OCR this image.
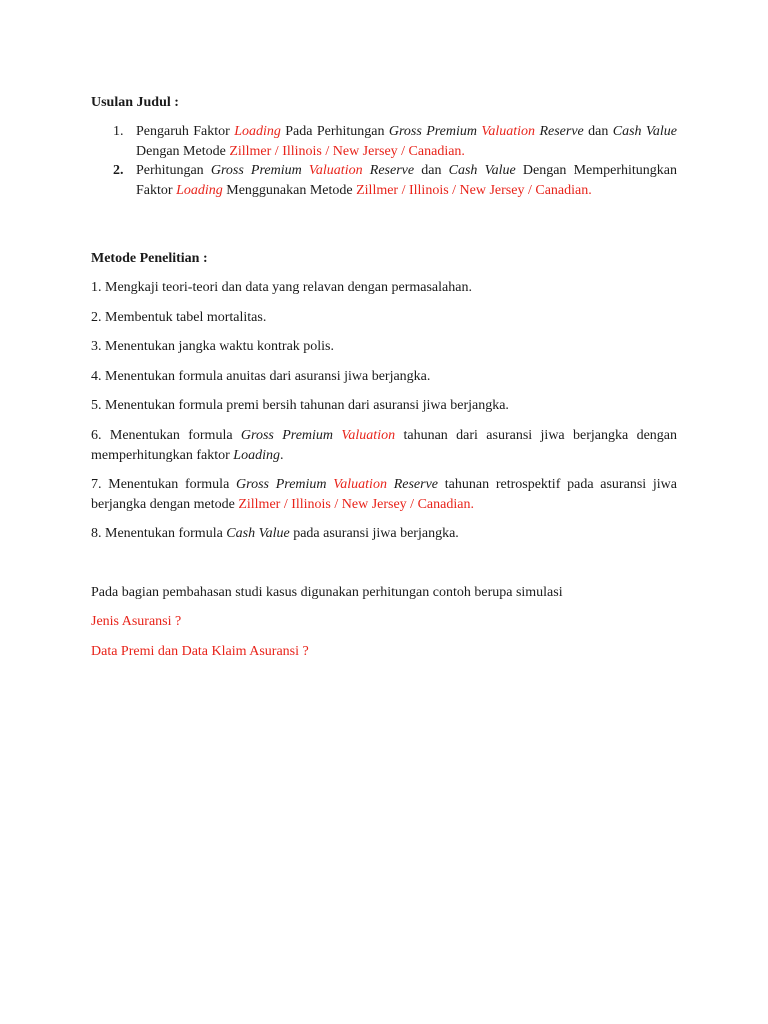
Usulan Judul :
1. Pengaruh Faktor Loading Pada Perhitungan Gross Premium Valuation Reserve dan Cash Value Dengan Metode Zillmer / Illinois / New Jersey / Canadian.
2. Perhitungan Gross Premium Valuation Reserve dan Cash Value Dengan Memperhitungkan Faktor Loading Menggunakan Metode Zillmer / Illinois / New Jersey / Canadian.
Metode Penelitian :
1. Mengkaji teori-teori dan data yang relavan dengan permasalahan.
2. Membentuk tabel mortalitas.
3. Menentukan jangka waktu kontrak polis.
4. Menentukan formula anuitas dari asuransi jiwa berjangka.
5. Menentukan formula premi bersih tahunan dari asuransi jiwa berjangka.
6. Menentukan formula Gross Premium Valuation tahunan dari asuransi jiwa berjangka dengan memperhitungkan faktor Loading.
7. Menentukan formula Gross Premium Valuation Reserve tahunan retrospektif pada asuransi jiwa berjangka dengan metode Zillmer / Illinois / New Jersey / Canadian.
8. Menentukan formula Cash Value pada asuransi jiwa berjangka.
Pada bagian pembahasan studi kasus digunakan perhitungan contoh berupa simulasi
Jenis Asuransi ?
Data Premi dan Data Klaim Asuransi ?
